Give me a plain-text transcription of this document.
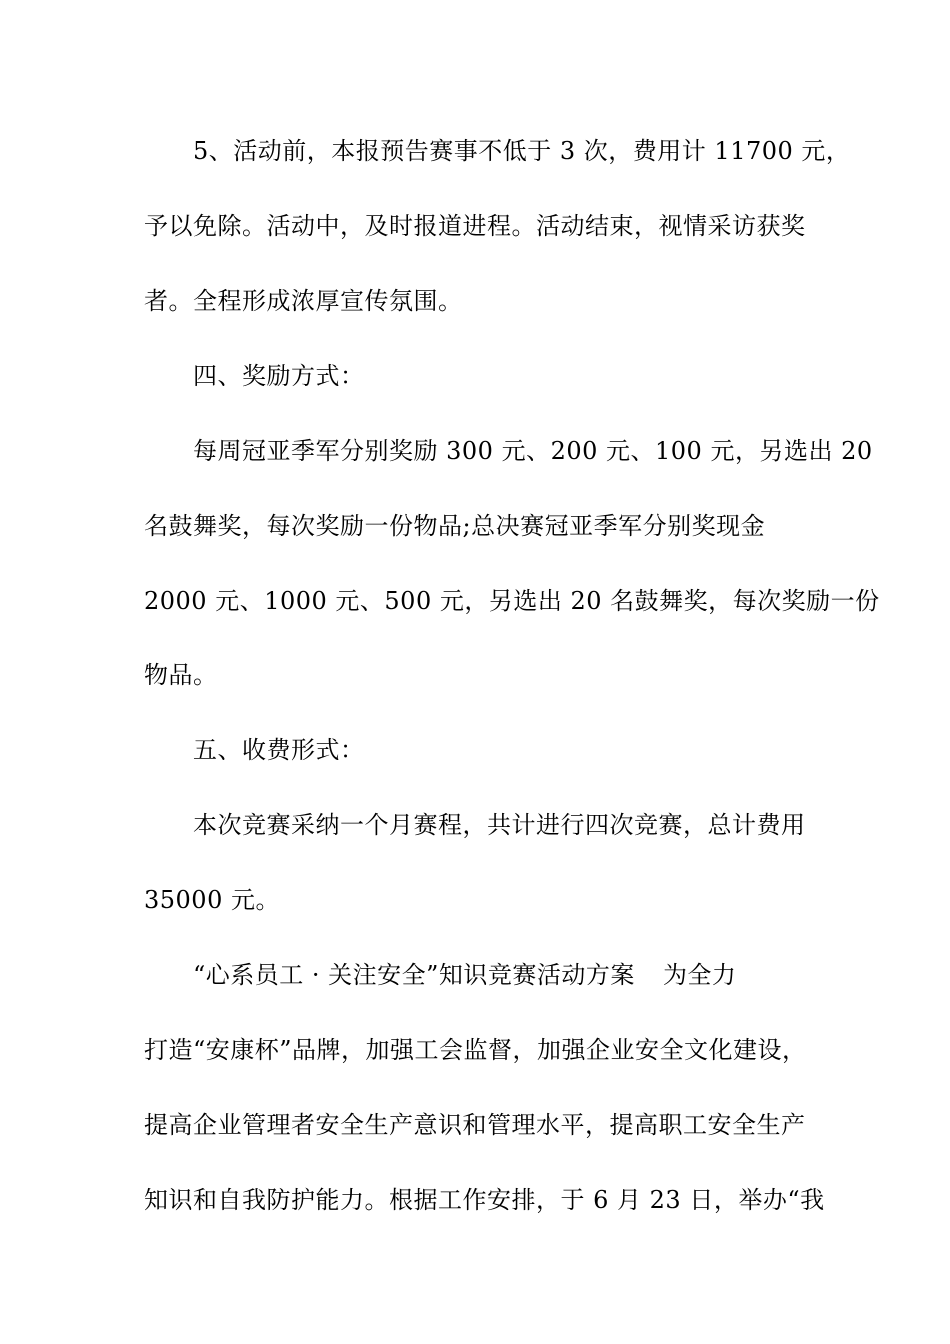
5、活动前，本报预告赛事不低于 3 次，费用计 11700 元，
予以免除。活动中，及时报道进程。活动结束，视情采访获奖
者。全程形成浓厚宣传氛围。
四、奖励方式：
每周冠亚季军分别奖励 300 元、200 元、100 元，另选出 20
名鼓舞奖，每次奖励一份物品;总决赛冠亚季军分别奖现金
2000 元、1000 元、500 元，另选出 20 名鼓舞奖，每次奖励一份
物品。
五、收费形式：
本次竞赛采纳一个月赛程，共计进行四次竞赛，总计费用
35000 元。
“心系员工 · 关注安全”知识竞赛活动方案 为全力
打造“安康杯”品牌，加强工会监督，加强企业安全文化建设，
提高企业管理者安全生产意识和管理水平，提高职工安全生产
知识和自我防护能力。根据工作安排，于 6 月 23 日，举办“我
